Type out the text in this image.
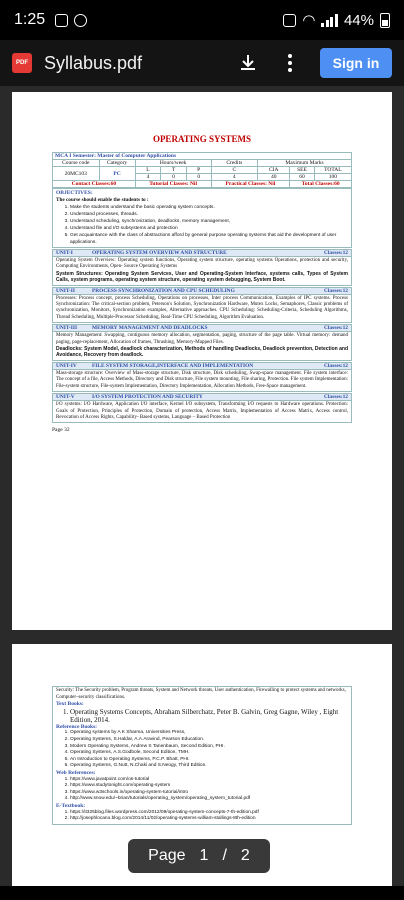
1:25	◠ 44%
PDF Syllabus.pdf	Sign in
OPERATING SYSTEMS
MCA I Semester: Master of Computer Applications								
Course code	Category	Hours/week			Credits	Maximum Marks		
20MC103	PC	L	T	P	C	CIA	SEE	TOTAL
		4	0	0	4	40	60	100
Contact Classes:60		Tutorial Classes: Nil			Practical Classes: Nil		Total Classes:60	
OBJECTIVES:
The course should enable the students to :
1. Make the students understand the basic operating system concepts.
2. Understand processes, threads.
3. Understand scheduling, synchronization, deadlocks, memory management,
4. Understand file and I/O subsystems and protection
5. Get acquaintance with the class of abstractions afford by general purpose operating systems that aid the development of user applications.
UNIT-I	OPERATING SYSTEM OVERVIEW AND STRUCTURE	Classes:12
Operating System Overview: Operating system functions, Operating system structure, operating systems Operations, protection and security, Computing Environments, Open- Source Operating Systems
System Structures: Operating System Services, User and Operating-System Interface, systems calls, Types of System Calls, system programs, operating system structure, operating system debugging, System Boot.
UNIT-II	PROCESS SYNCHRONIZATION AND CPU SCHEDULING	Classes:12
Processes: Process concept, process Scheduling, Operations on processes, Inter process Communication, Examples of IPC systems. Process Synchronization: The critical-section problem, Peterson's Solution, Synchronization Hardware, Mutex Locks, Semaphores, Classic problems of synchronization, Monitors, Synchronization examples, Alternative approaches. CPU Scheduling: Scheduling-Criteria, Scheduling Algorithms, Thread Scheduling, Multiple-Processor Scheduling, Real-Time CPU Scheduling, Algorithm Evaluation.
UNIT-III	MEMORY MANAGEMENT AND DEADLOCKS	Classes:12
Memory Management: Swapping, contiguous memory allocation, segmentation, paging, structure of the page table. Virtual memory: demand paging, page-replacement, Allocation of frames, Thrashing, Memory-Mapped Files.
Deadlocks: System Model, deadlock characterization, Methods of handling Deadlocks, Deadlock prevention, Detection and Avoidance, Recovery from deadlock.
UNIT-IV	FILE SYSTEM STORAGE,INTERFACE AND IMPLEMENTATION	Classes:12
Mass-storage structure: Overview of Mass-storage structure, Disk structure, Disk scheduling, Swap-space management. File system interface: The concept of a file, Access Methods, Directory and Disk structure, File system mounting, File sharing, Protection. File system Implementation: File-system structure, File-system Implementation, Directory Implementation, Allocation Methods, Free-Space management.
UNIT-V	I/O SYSTEM PROTECTION AND SECURITY	Classes:12
I/O systems: I/O Hardware, Application I/O interface, Kernel I/O subsystem, Transforming I/O requests to Hardware operations. Protection: Goals of Protection, Principles of Protection, Domain of protection, Access Matrix, Implementation of Access Matrix, Access control, Revocation of Access Rights, Capability- Based systems, Language – Based Protection
Page 32
Security: The Security problem, Program threats, System and Network threats, User authentication, Firewalling to protect systems and networks, Computer–security classifications.
Text Books:
1. Operating Systems Concepts, Abraham Silberchatz, Peter B. Galvin, Greg Gagne, Wiley , Eight Edition, 2014.
Reference Books:
1. Operating systems by A K Sharma, Universities Press,
2. Operating Systems, S.Haldar, A.A.Aravind, Pearson Education.
3. Modern Operating Systems, Andrew S Tanenbaum, Second Edition, PHI.
4. Operating Systems, A.S.Godbole, Second Edition, TMH.
5. An Introduction to Operating Systems, P.C.P. Bhatt, PHI.
6. Operating Systems, G.Nutt, N.Chaki and S.Neogy, Third Edition.
Web References:
1. https://www.javatpoint.com/os-tutorial
2. https://www.studytonight.com/operating-system
3. https://www.w3schools.in/operating-system-tutorial/intro
4. http://www.snow.edu/~brian/tutorials/operating_system/operating_system_tutorial.pdf
E-Textbook:
1. https://it325blog.files.wordpress.com/2012/09/operating-system-concepts-7-th-edition.pdf
2. http://josephlocano.blog.com/2014/11/02/operating-systems-william-stallings-8th-edition
Page 1 / 2
